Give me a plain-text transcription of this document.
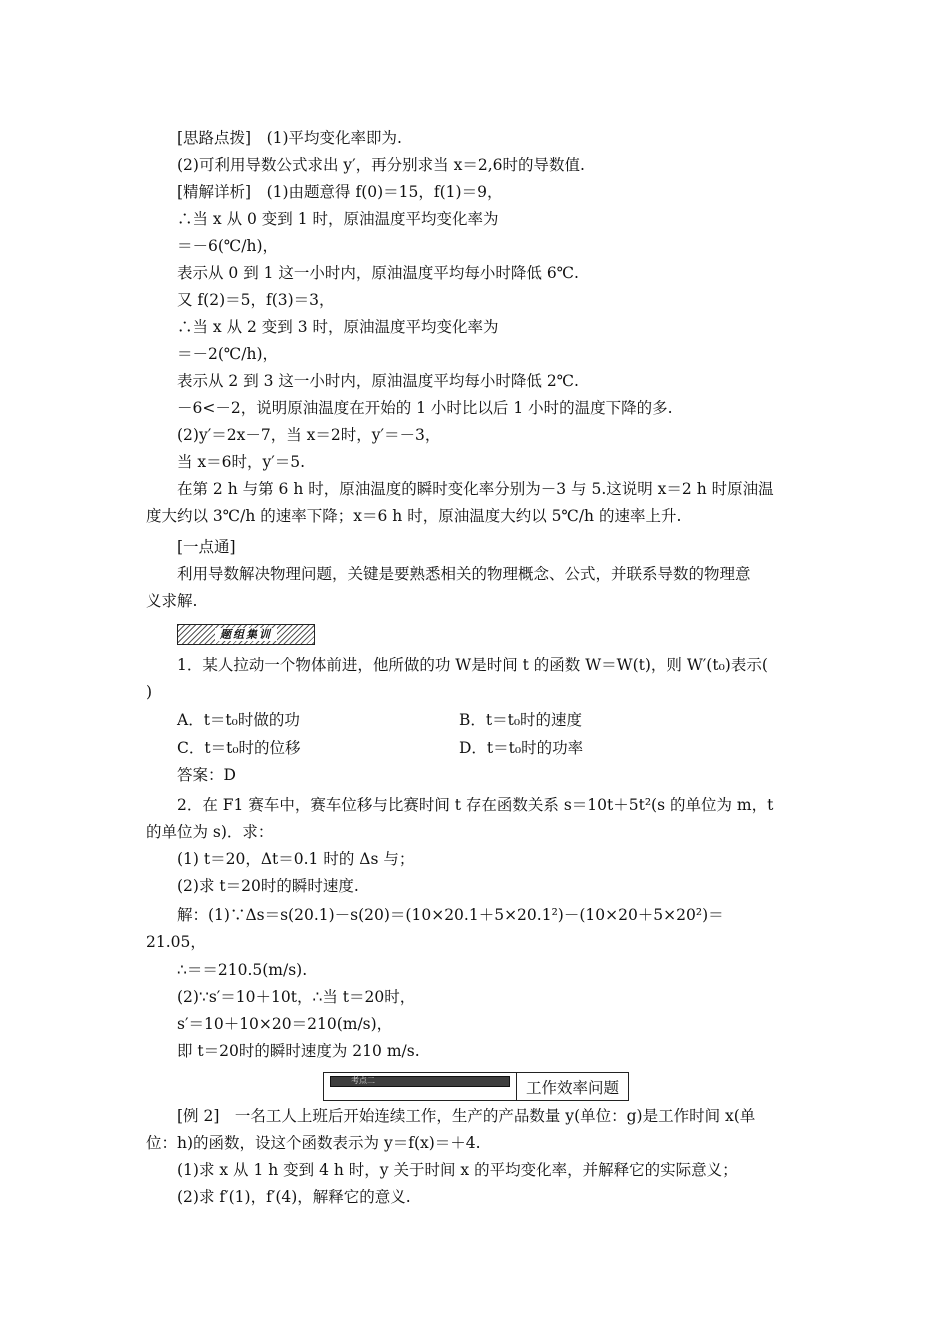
[思路点拨]　(1)平均变化率即为.
(2)可利用导数公式求出 y′，再分别求当 x＝2,6时的导数值.
[精解详析]　(1)由题意得 f(0)＝15，f(1)＝9，
∴当 x 从 0 变到 1 时，原油温度平均变化率为
＝－6(℃/h)，
表示从 0 到 1 这一小时内，原油温度平均每小时降低 6℃.
又 f(2)＝5，f(3)＝3，
∴当 x 从 2 变到 3 时，原油温度平均变化率为
＝－2(℃/h)，
表示从 2 到 3 这一小时内，原油温度平均每小时降低 2℃.
－6<－2，说明原油温度在开始的 1 小时比以后 1 小时的温度下降的多.
(2)y′＝2x－7，当 x＝2时，y′＝－3，
当 x＝6时，y′＝5.
在第 2 h 与第 6 h 时，原油温度的瞬时变化率分别为－3 与 5.这说明 x＝2 h 时原油温
度大约以 3℃/h 的速率下降；x＝6 h 时，原油温度大约以 5℃/h 的速率上升.
[一点通]
利用导数解决物理问题，关键是要熟悉相关的物理概念、公式，并联系导数的物理意
义求解.
1．某人拉动一个物体前进，他所做的功 W是时间 t 的函数 W＝W(t)，则 W′(t₀)表示(
)
A．t＝t₀时做的功	B．t＝t₀时的速度
C．t＝t₀时的位移	D．t＝t₀时的功率
答案：D
2．在 F1 赛车中，赛车位移与比赛时间 t 存在函数关系 s＝10t＋5t²(s 的单位为 m，t
的单位为 s)．求：
(1) t＝20，Δt＝0.1 时的 Δs 与；
(2)求 t＝20时的瞬时速度.
解：(1)∵Δs＝s(20.1)－s(20)＝(10×20.1＋5×20.1²)－(10×20＋5×20²)＝
21.05，
∴＝＝210.5(m/s).
(2)∵s′＝10＋10t，∴当 t＝20时，
s′＝10＋10×20＝210(m/s)，
即 t＝20时的瞬时速度为 210 m/s.
[例 2]　一名工人上班后开始连续工作，生产的产品数量 y(单位：g)是工作时间 x(单
位：h)的函数，设这个函数表示为 y＝f(x)＝＋4.
(1)求 x 从 1 h 变到 4 h 时，y 关于时间 x 的平均变化率，并解释它的实际意义；
(2)求 f′(1)，f′(4)，解释它的意义.
题组集训
考点二	工作效率问题
